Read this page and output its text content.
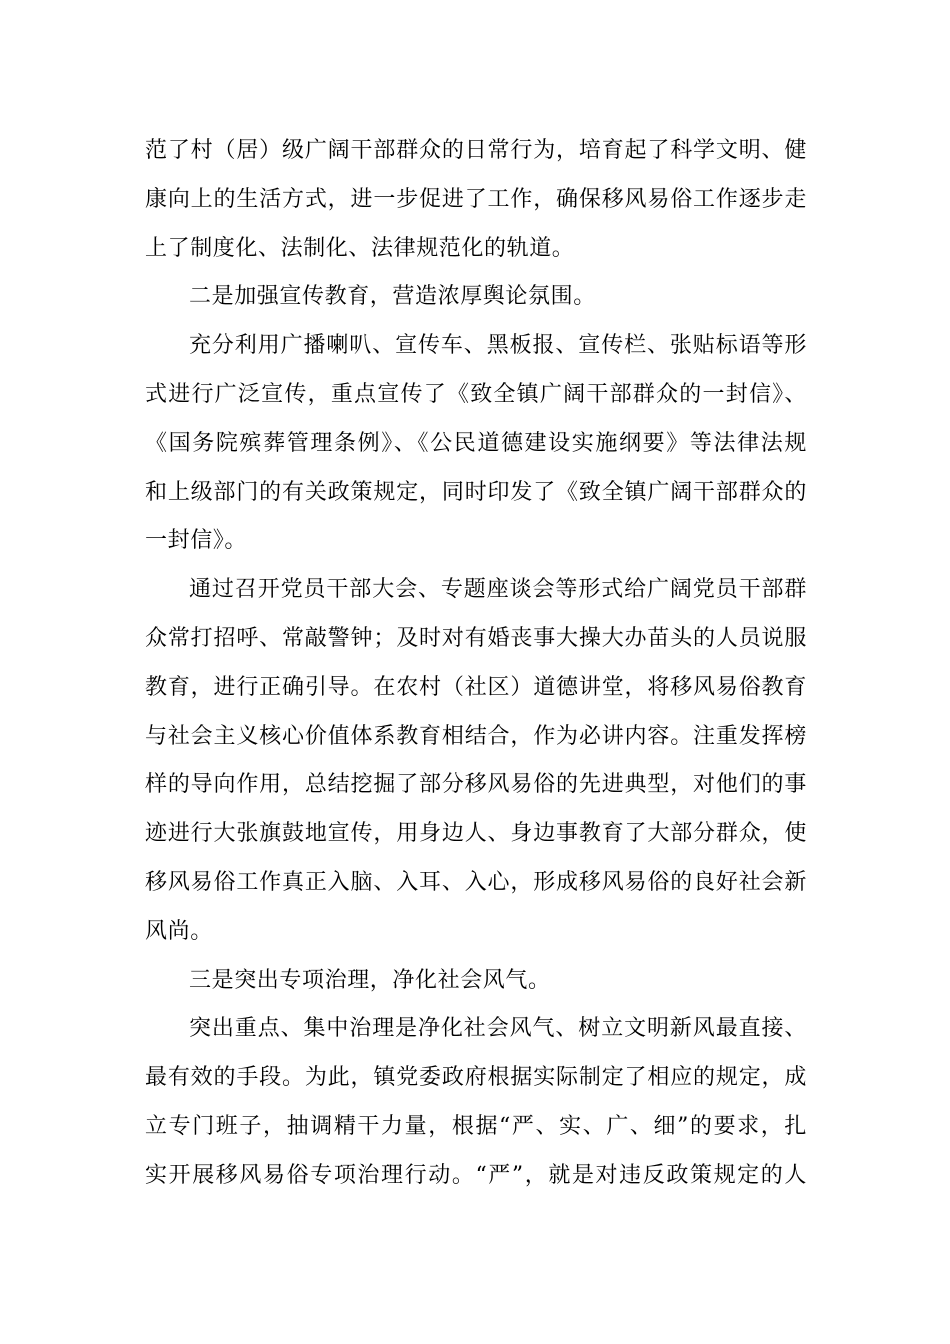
范了村（居）级广阔干部群众的日常行为，培育起了科学文明、健
康向上的生活方式，进一步促进了工作，确保移风易俗工作逐步走
上了制度化、法制化、法律规范化的轨道。
二是加强宣传教育，营造浓厚舆论氛围。
充分利用广播喇叭、宣传车、黑板报、宣传栏、张贴标语等形
式进行广泛宣传，重点宣传了《致全镇广阔干部群众的一封信》、
《国务院殡葬管理条例》、《公民道德建设实施纲要》等法律法规
和上级部门的有关政策规定，同时印发了《致全镇广阔干部群众的
一封信》。
通过召开党员干部大会、专题座谈会等形式给广阔党员干部群
众常打招呼、常敲警钟；及时对有婚丧事大操大办苗头的人员说服
教育，进行正确引导。在农村（社区）道德讲堂，将移风易俗教育
与社会主义核心价值体系教育相结合，作为必讲内容。注重发挥榜
样的导向作用，总结挖掘了部分移风易俗的先进典型，对他们的事
迹进行大张旗鼓地宣传，用身边人、身边事教育了大部分群众，使
移风易俗工作真正入脑、入耳、入心，形成移风易俗的良好社会新
风尚。
三是突出专项治理，净化社会风气。
突出重点、集中治理是净化社会风气、树立文明新风最直接、
最有效的手段。为此，镇党委政府根据实际制定了相应的规定，成
立专门班子，抽调精干力量，根据“严、实、广、细”的要求，扎
实开展移风易俗专项治理行动。“严”，就是对违反政策规定的人
